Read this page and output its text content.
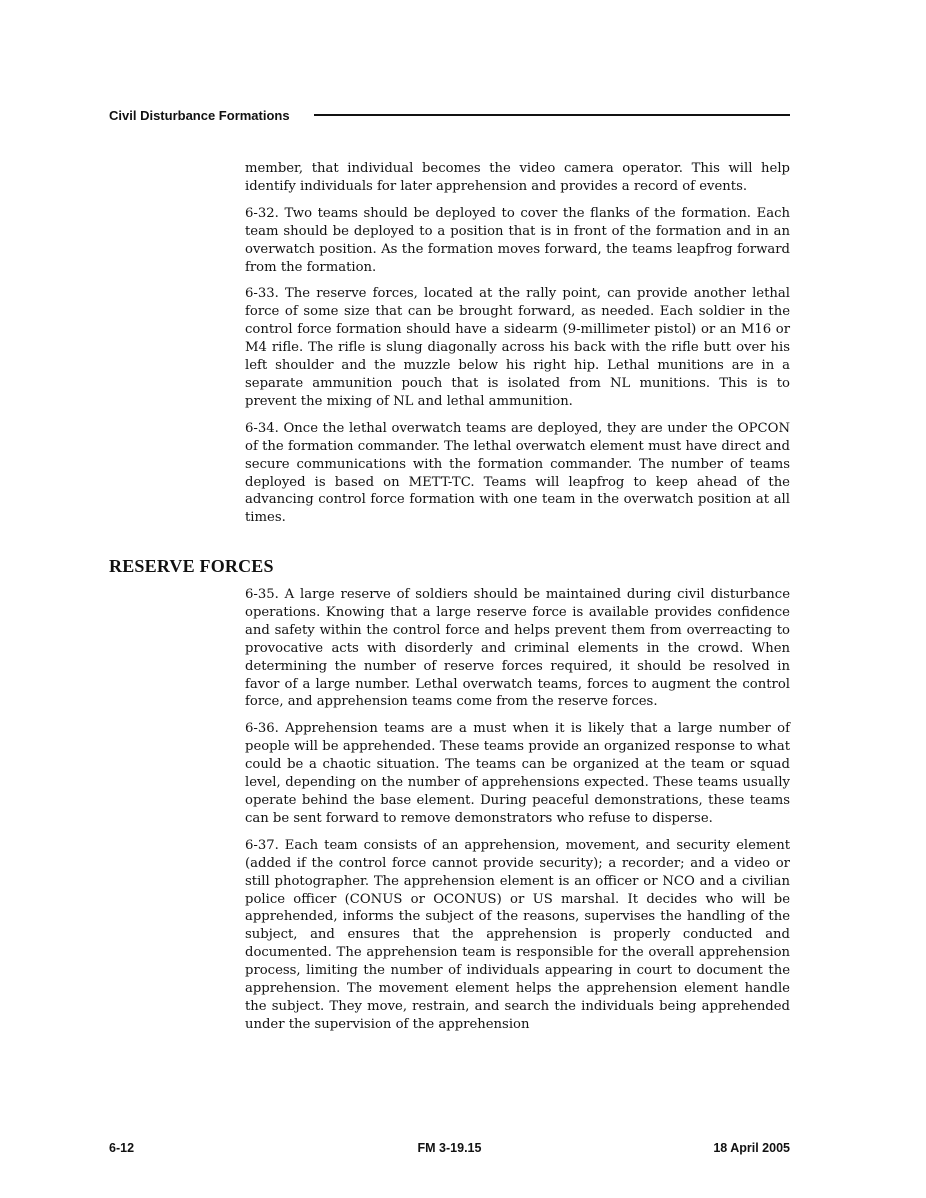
Civil Disturbance Formations

member, that individual becomes the video camera operator. This will help identify individuals for later apprehension and provides a record of events.

6-32. Two teams should be deployed to cover the flanks of the formation. Each team should be deployed to a position that is in front of the formation and in an overwatch position. As the formation moves forward, the teams leapfrog forward from the formation.

6-33. The reserve forces, located at the rally point, can provide another lethal force of some size that can be brought forward, as needed. Each soldier in the control force formation should have a sidearm (9-millimeter pistol) or an M16 or M4 rifle. The rifle is slung diagonally across his back with the rifle butt over his left shoulder and the muzzle below his right hip. Lethal munitions are in a separate ammunition pouch that is isolated from NL munitions. This is to prevent the mixing of NL and lethal ammunition.

6-34. Once the lethal overwatch teams are deployed, they are under the OPCON of the formation commander. The lethal overwatch element must have direct and secure communications with the formation commander. The number of teams deployed is based on METT-TC. Teams will leapfrog to keep ahead of the advancing control force formation with one team in the overwatch position at all times.

RESERVE FORCES

6-35. A large reserve of soldiers should be maintained during civil disturbance operations. Knowing that a large reserve force is available provides confidence and safety within the control force and helps prevent them from overreacting to provocative acts with disorderly and criminal elements in the crowd. When determining the number of reserve forces required, it should be resolved in favor of a large number. Lethal overwatch teams, forces to augment the control force, and apprehension teams come from the reserve forces.

6-36. Apprehension teams are a must when it is likely that a large number of people will be apprehended. These teams provide an organized response to what could be a chaotic situation. The teams can be organized at the team or squad level, depending on the number of apprehensions expected. These teams usually operate behind the base element. During peaceful demonstrations, these teams can be sent forward to remove demonstrators who refuse to disperse.

6-37. Each team consists of an apprehension, movement, and security element (added if the control force cannot provide security); a recorder; and a video or still photographer. The apprehension element is an officer or NCO and a civilian police officer (CONUS or OCONUS) or US marshal. It decides who will be apprehended, informs the subject of the reasons, supervises the handling of the subject, and ensures that the apprehension is properly conducted and documented. The apprehension team is responsible for the overall apprehension process, limiting the number of individuals appearing in court to document the apprehension. The movement element helps the apprehension element handle the subject. They move, restrain, and search the individuals being apprehended under the supervision of the apprehension

6-12	FM 3-19.15	18 April 2005
